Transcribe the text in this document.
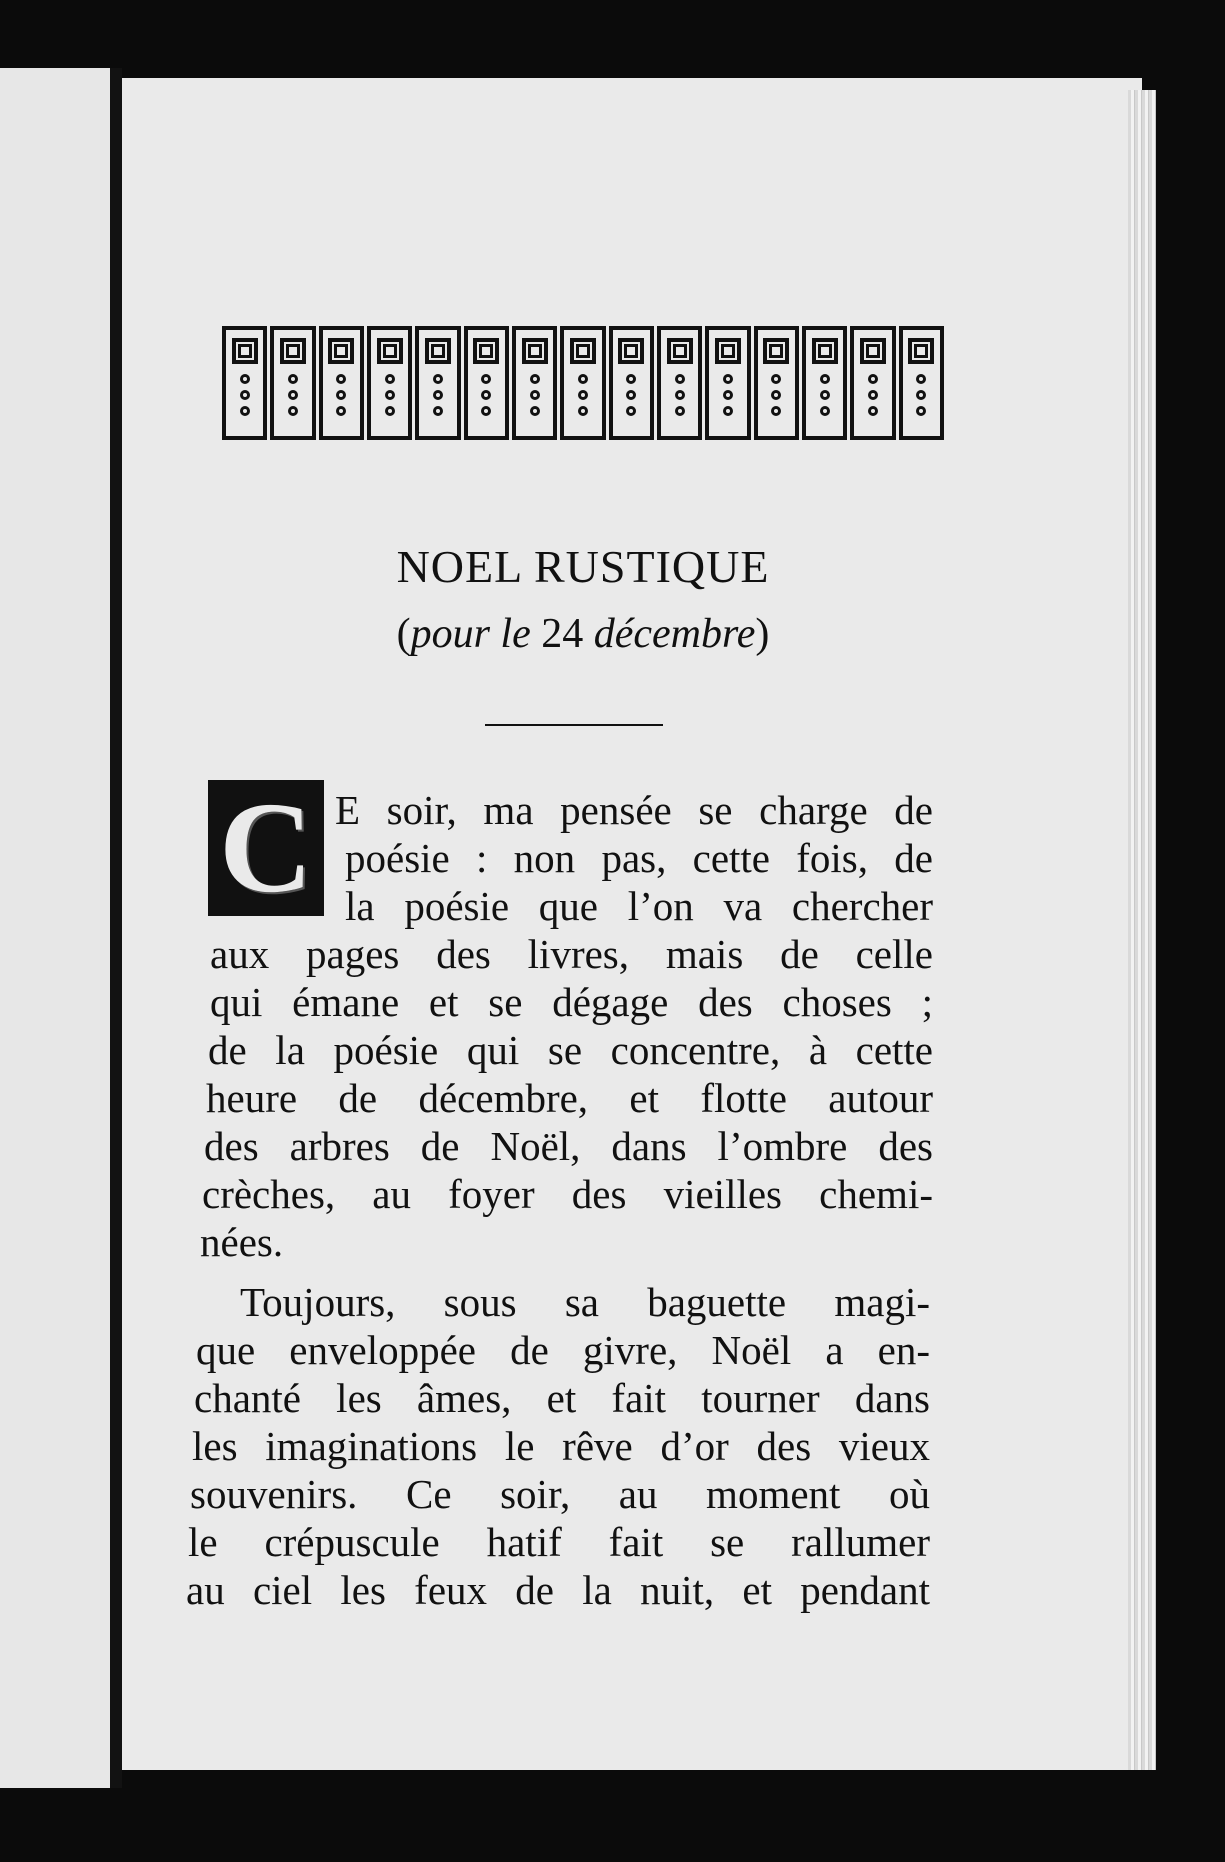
NOEL RUSTIQUE
(pour le 24 décembre)
C E soir, ma pensée se charge de
poésie : non pas, cette fois, de
la poésie que l’on va chercher
aux pages des livres, mais de celle
qui émane et se dégage des choses ;
de la poésie qui se concentre, à cette
heure de décembre, et flotte autour
des arbres de Noël, dans l’ombre des
crèches, au foyer des vieilles chemi-
nées.
Toujours, sous sa baguette magi-
que enveloppée de givre, Noël a en-
chanté les âmes, et fait tourner dans
les imaginations le rêve d’or des vieux
souvenirs. Ce soir, au moment où
le crépuscule hatif fait se rallumer
au ciel les feux de la nuit, et pendant
